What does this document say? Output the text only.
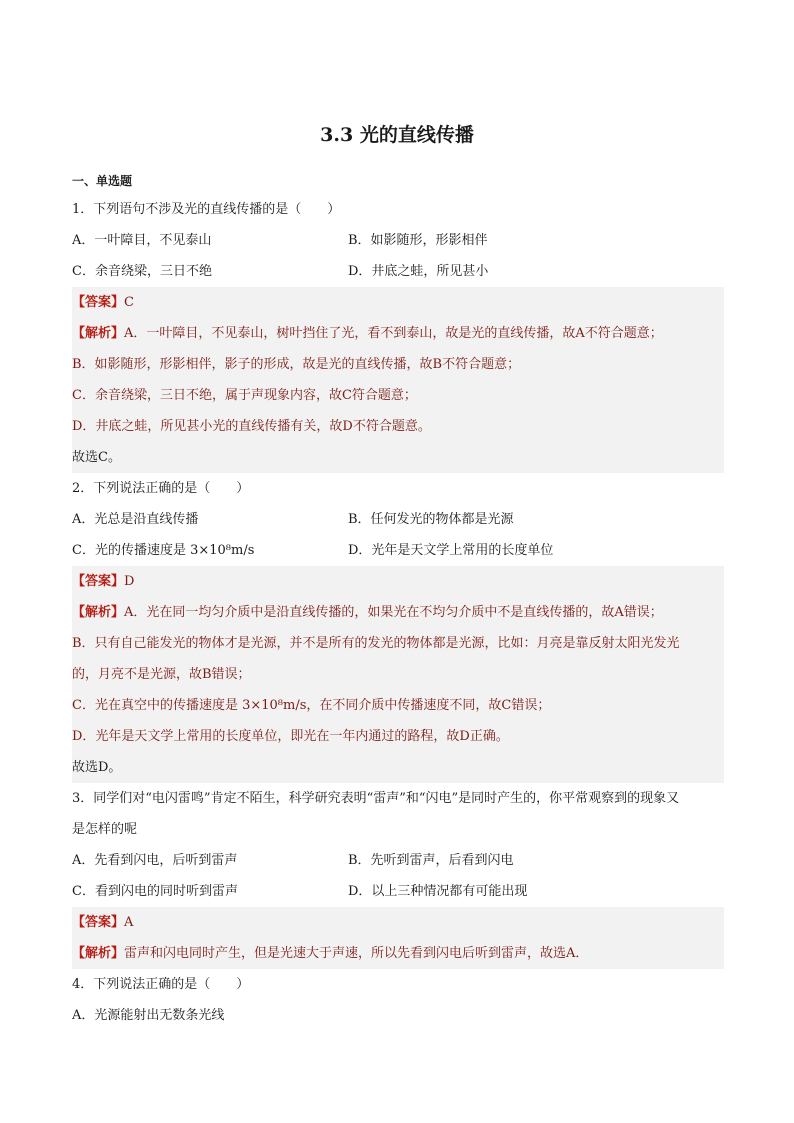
3.3 光的直线传播
一、单选题
1．下列语句不涉及光的直线传播的是（　　）
A．一叶障目，不见泰山	B．如影随形，形影相伴
C．余音绕梁，三日不绝	D．井底之蛙，所见甚小
【答案】C
【解析】A．一叶障目，不见泰山，树叶挡住了光，看不到泰山，故是光的直线传播，故A不符合题意；
B．如影随形，形影相伴，影子的形成，故是光的直线传播，故B不符合题意；
C．余音绕梁，三日不绝，属于声现象内容，故C符合题意；
D．井底之蛙，所见甚小光的直线传播有关，故D不符合题意。
故选C。
2．下列说法正确的是（　　）
A．光总是沿直线传播	B．任何发光的物体都是光源
C．光的传播速度是 3×10⁸m/s	D．光年是天文学上常用的长度单位
【答案】D
【解析】A．光在同一均匀介质中是沿直线传播的，如果光在不均匀介质中不是直线传播的，故A错误；
B．只有自己能发光的物体才是光源，并不是所有的发光的物体都是光源，比如：月亮是靠反射太阳光发光
的，月亮不是光源，故B错误；
C．光在真空中的传播速度是 3×10⁸m/s，在不同介质中传播速度不同，故C错误；
D．光年是天文学上常用的长度单位，即光在一年内通过的路程，故D正确。
故选D。
3．同学们对“电闪雷鸣”肯定不陌生，科学研究表明“雷声”和“闪电”是同时产生的，你平常观察到的现象又
是怎样的呢
A．先看到闪电，后听到雷声	B．先听到雷声，后看到闪电
C．看到闪电的同时听到雷声	D．以上三种情况都有可能出现
【答案】A
【解析】雷声和闪电同时产生，但是光速大于声速，所以先看到闪电后听到雷声，故选A．
4．下列说法正确的是（　　）
A．光源能射出无数条光线
